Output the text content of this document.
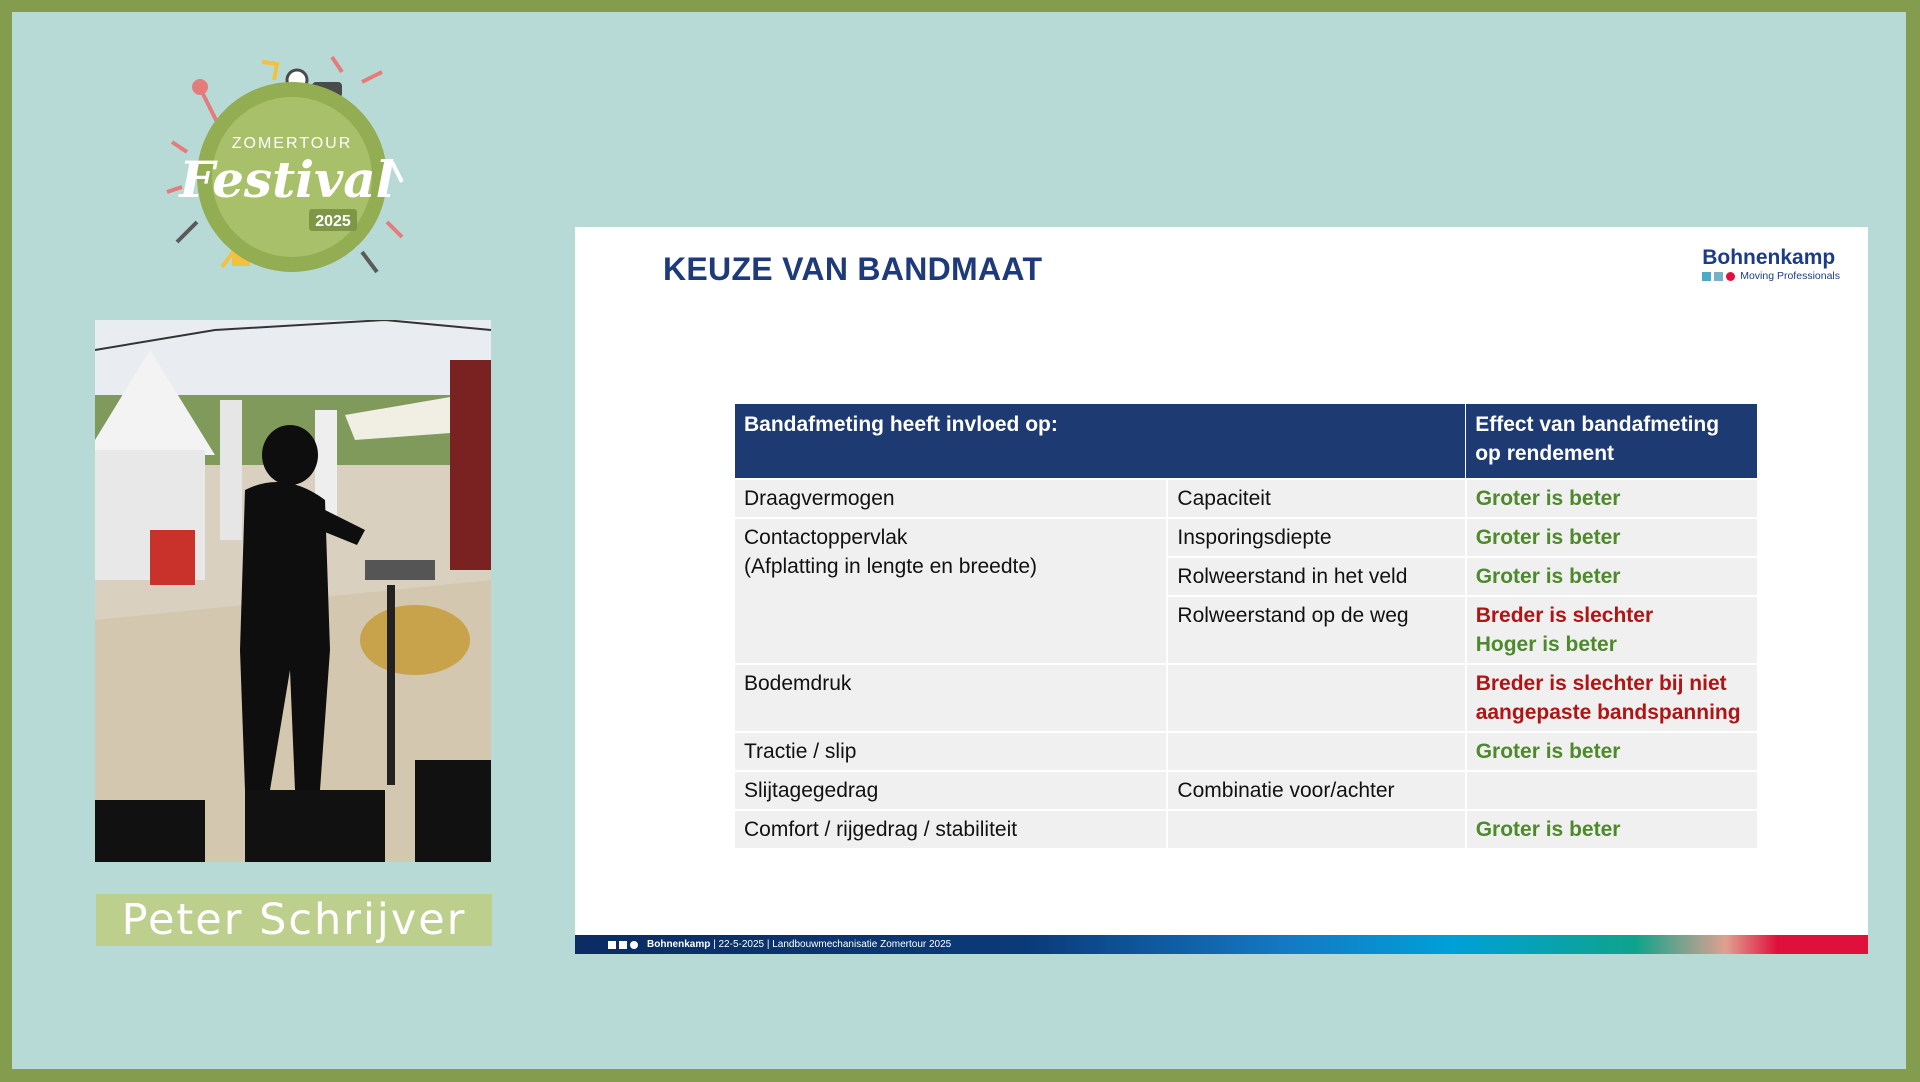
ZOMERTOUR
Festival
2025
Peter Schrijver
KEUZE VAN BANDMAAT	Bohnenkamp
Moving Professionals
Bandafmeting heeft invloed op:		Effect van bandafmeting
op rendement
Draagvermogen	Capaciteit	Groter is beter
Contactoppervlak
(Afplatting in lengte en breedte)	Insporingsdiepte	Groter is beter
	Rolweerstand in het veld	Groter is beter
	Rolweerstand op de weg	Breder is slechter
Hoger is beter
Bodemdruk		Breder is slechter bij niet
aangepaste bandspanning
Tractie / slip		Groter is beter
Slijtagegedrag	Combinatie voor/achter	
Comfort / rijgedrag / stabiliteit		Groter is beter
Bohnenkamp | 22-5-2025 | Landbouwmechanisatie Zomertour 2025
